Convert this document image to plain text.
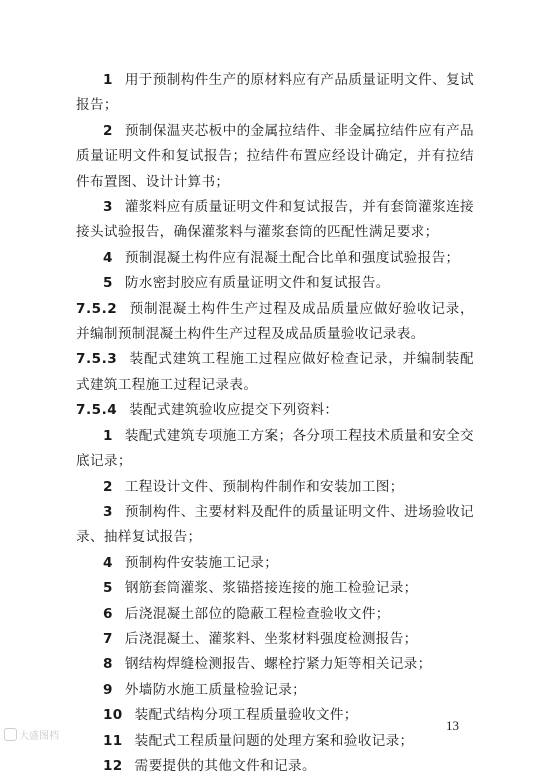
1 用于预制构件生产的原材料应有产品质量证明文件、复试报告；

2 预制保温夹芯板中的金属拉结件、非金属拉结件应有产品质量证明文件和复试报告；拉结件布置应经设计确定，并有拉结件布置图、设计计算书；

3 灌浆料应有质量证明文件和复试报告，并有套筒灌浆连接接头试验报告，确保灌浆料与灌浆套筒的匹配性满足要求；

4 预制混凝土构件应有混凝土配合比单和强度试验报告；

5 防水密封胶应有质量证明文件和复试报告。

7.5.2 预制混凝土构件生产过程及成品质量应做好验收记录，并编制预制混凝土构件生产过程及成品质量验收记录表。

7.5.3 装配式建筑工程施工过程应做好检查记录，并编制装配式建筑工程施工过程记录表。

7.5.4 装配式建筑验收应提交下列资料：

1 装配式建筑专项施工方案；各分项工程技术质量和安全交底记录；

2 工程设计文件、预制构件制作和安装加工图；

3 预制构件、主要材料及配件的质量证明文件、进场验收记录、抽样复试报告；

4 预制构件安装施工记录；

5 钢筋套筒灌浆、浆锚搭接连接的施工检验记录；

6 后浇混凝土部位的隐蔽工程检查验收文件；

7 后浇混凝土、灌浆料、坐浆材料强度检测报告；

8 钢结构焊缝检测报告、螺栓拧紧力矩等相关记录；

9 外墙防水施工质量检验记录；

10 装配式结构分项工程质量验收文件；

11 装配式工程质量问题的处理方案和验收记录；

12 需要提供的其他文件和记录。

13
大盛图档
